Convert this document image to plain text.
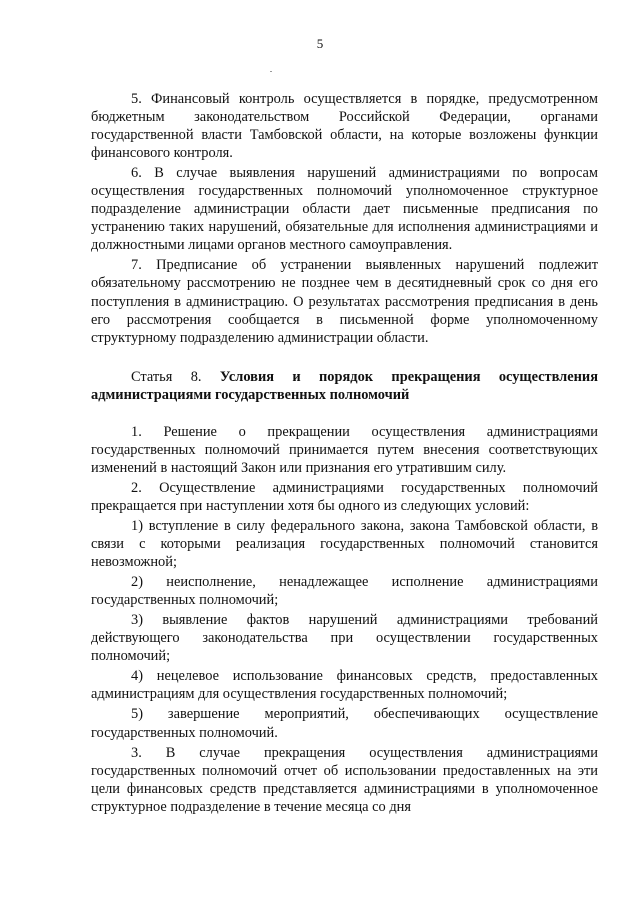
5

5. Финансовый контроль осуществляется в порядке, предусмотренном бюджетным законодательством Российской Федерации, органами государственной власти Тамбовской области, на которые возложены функции финансового контроля.

6. В случае выявления нарушений администрациями по вопросам осуществления государственных полномочий уполномоченное структурное подразделение администрации области дает письменные предписания по устранению таких нарушений, обязательные для исполнения администрациями и должностными лицами органов местного самоуправления.

7. Предписание об устранении выявленных нарушений подлежит обязательному рассмотрению не позднее чем в десятидневный срок со дня его поступления в администрацию. О результатах рассмотрения предписания в день его рассмотрения сообщается в письменной форме уполномоченному структурному подразделению администрации области.

Статья 8. Условия и порядок прекращения осуществления администрациями государственных полномочий

1. Решение о прекращении осуществления администрациями государственных полномочий принимается путем внесения соответствующих изменений в настоящий Закон или признания его утратившим силу.

2. Осуществление администрациями государственных полномочий прекращается при наступлении хотя бы одного из следующих условий:

1) вступление в силу федерального закона, закона Тамбовской области, в связи с которыми реализация государственных полномочий становится невозможной;

2) неисполнение, ненадлежащее исполнение администрациями государственных полномочий;

3) выявление фактов нарушений администрациями требований действующего законодательства при осуществлении государственных полномочий;

4) нецелевое использование финансовых средств, предоставленных администрациям для осуществления государственных полномочий;

5) завершение мероприятий, обеспечивающих осуществление государственных полномочий.

3. В случае прекращения осуществления администрациями государственных полномочий отчет об использовании предоставленных на эти цели финансовых средств представляется администрациями в уполномоченное структурное подразделение в течение месяца со дня
